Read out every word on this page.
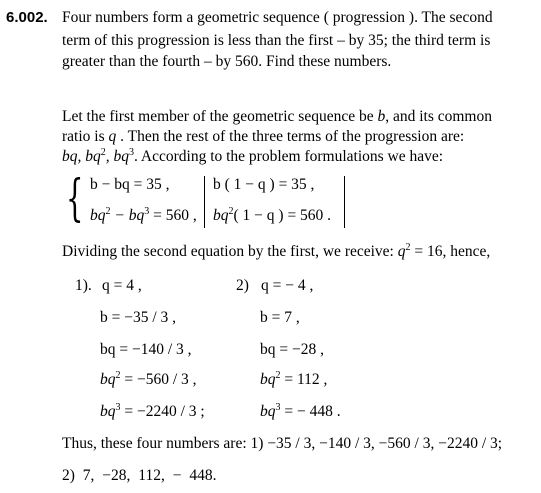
6.002. Four numbers form a geometric sequence ( progression ). The second
term of this progression is less than the first – by 35; the third term is
greater than the fourth – by 560. Find these numbers.
Let the first member of the geometric sequence be b, and its common
ratio is q . Then the rest of the three terms of the progression are:
bq, $bq^2$, $bq^3$. According to the problem formulations we have:
{ b − bq = 35 ,
$bq^2 - bq^3 = 560$ ,
b ( 1 − q ) = 35 ,
$bq^2$( 1 − q ) = 560 .
Dividing the second equation by the first, we receive: $q^2 = 16$, hence,
1). q = 4 ,
b = −35 / 3 ,
bq = −140 / 3 ,
$bq^2 = -560 / 3$ ,
$bq^3 = -2240 / 3$ ;
2) q = − 4 ,
b = 7 ,
bq = −28 ,
$bq^2 = 112$ ,
$bq^3$ = − 448 .
Thus, these four numbers are: 1) −35 / 3, −140 / 3, −560 / 3, −2240 / 3;
2) 7, −28, 112, − 448.
